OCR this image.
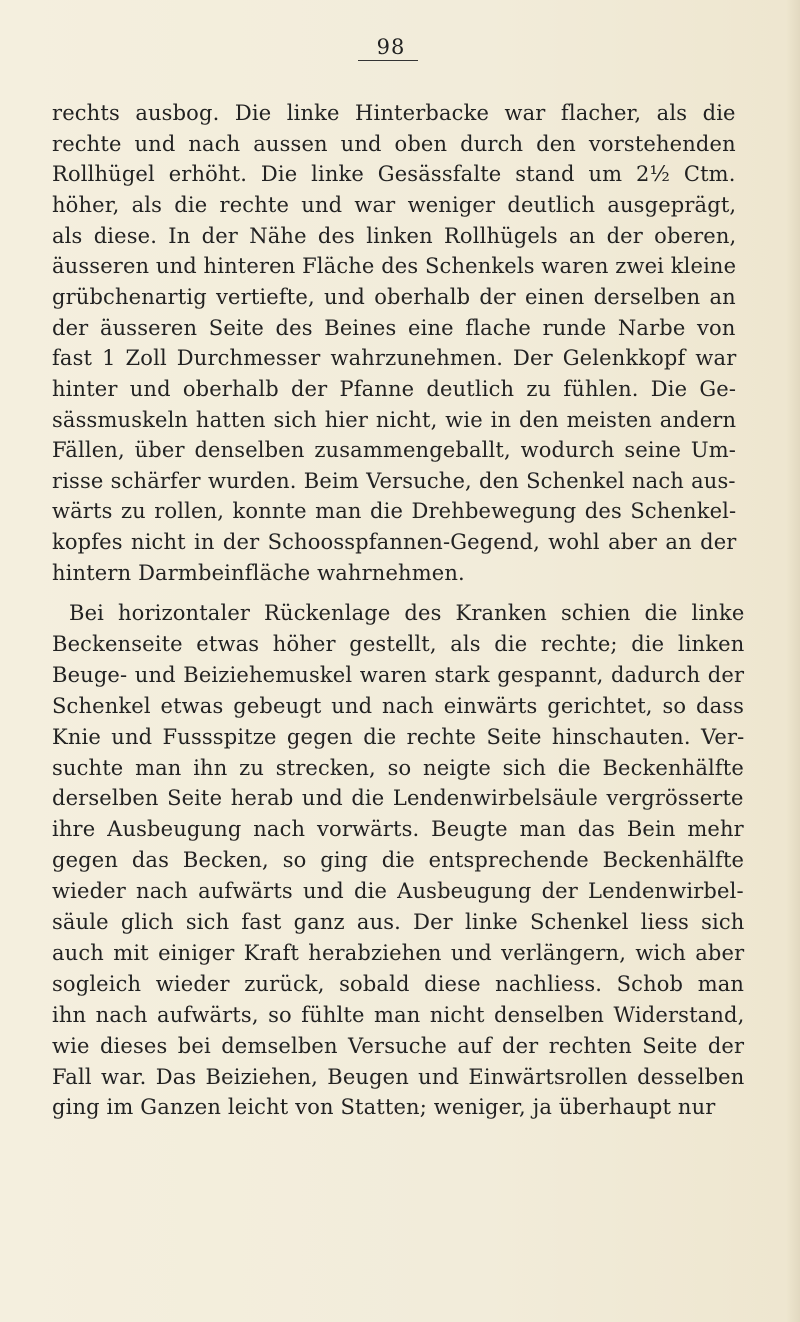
98
rechts ausbog. Die linke Hinterbacke war flacher, als die
rechte und nach aussen und oben durch den vorstehenden
Rollhügel erhöht. Die linke Gesässfalte stand um 2½ Ctm.
höher, als die rechte und war weniger deutlich ausgeprägt,
als diese. In der Nähe des linken Rollhügels an der oberen,
äusseren und hinteren Fläche des Schenkels waren zwei kleine
grübchenartig vertiefte, und oberhalb der einen derselben an
der äusseren Seite des Beines eine flache runde Narbe von
fast 1 Zoll Durchmesser wahrzunehmen. Der Gelenkkopf war
hinter und oberhalb der Pfanne deutlich zu fühlen. Die Ge-
sässmuskeln hatten sich hier nicht, wie in den meisten andern
Fällen, über denselben zusammengeballt, wodurch seine Um-
risse schärfer wurden. Beim Versuche, den Schenkel nach aus-
wärts zu rollen, konnte man die Drehbewegung des Schenkel-
kopfes nicht in der Schoosspfannen-Gegend, wohl aber an der
hintern Darmbeinfläche wahrnehmen.
Bei horizontaler Rückenlage des Kranken schien die linke
Beckenseite etwas höher gestellt, als die rechte; die linken
Beuge- und Beiziehemuskel waren stark gespannt, dadurch der
Schenkel etwas gebeugt und nach einwärts gerichtet, so dass
Knie und Fussspitze gegen die rechte Seite hinschauten. Ver-
suchte man ihn zu strecken, so neigte sich die Beckenhälfte
derselben Seite herab und die Lendenwirbelsäule vergrösserte
ihre Ausbeugung nach vorwärts. Beugte man das Bein mehr
gegen das Becken, so ging die entsprechende Beckenhälfte
wieder nach aufwärts und die Ausbeugung der Lendenwirbel-
säule glich sich fast ganz aus. Der linke Schenkel liess sich
auch mit einiger Kraft herabziehen und verlängern, wich aber
sogleich wieder zurück, sobald diese nachliess. Schob man
ihn nach aufwärts, so fühlte man nicht denselben Widerstand,
wie dieses bei demselben Versuche auf der rechten Seite der
Fall war. Das Beiziehen, Beugen und Einwärtsrollen desselben
ging im Ganzen leicht von Statten; weniger, ja überhaupt nur
